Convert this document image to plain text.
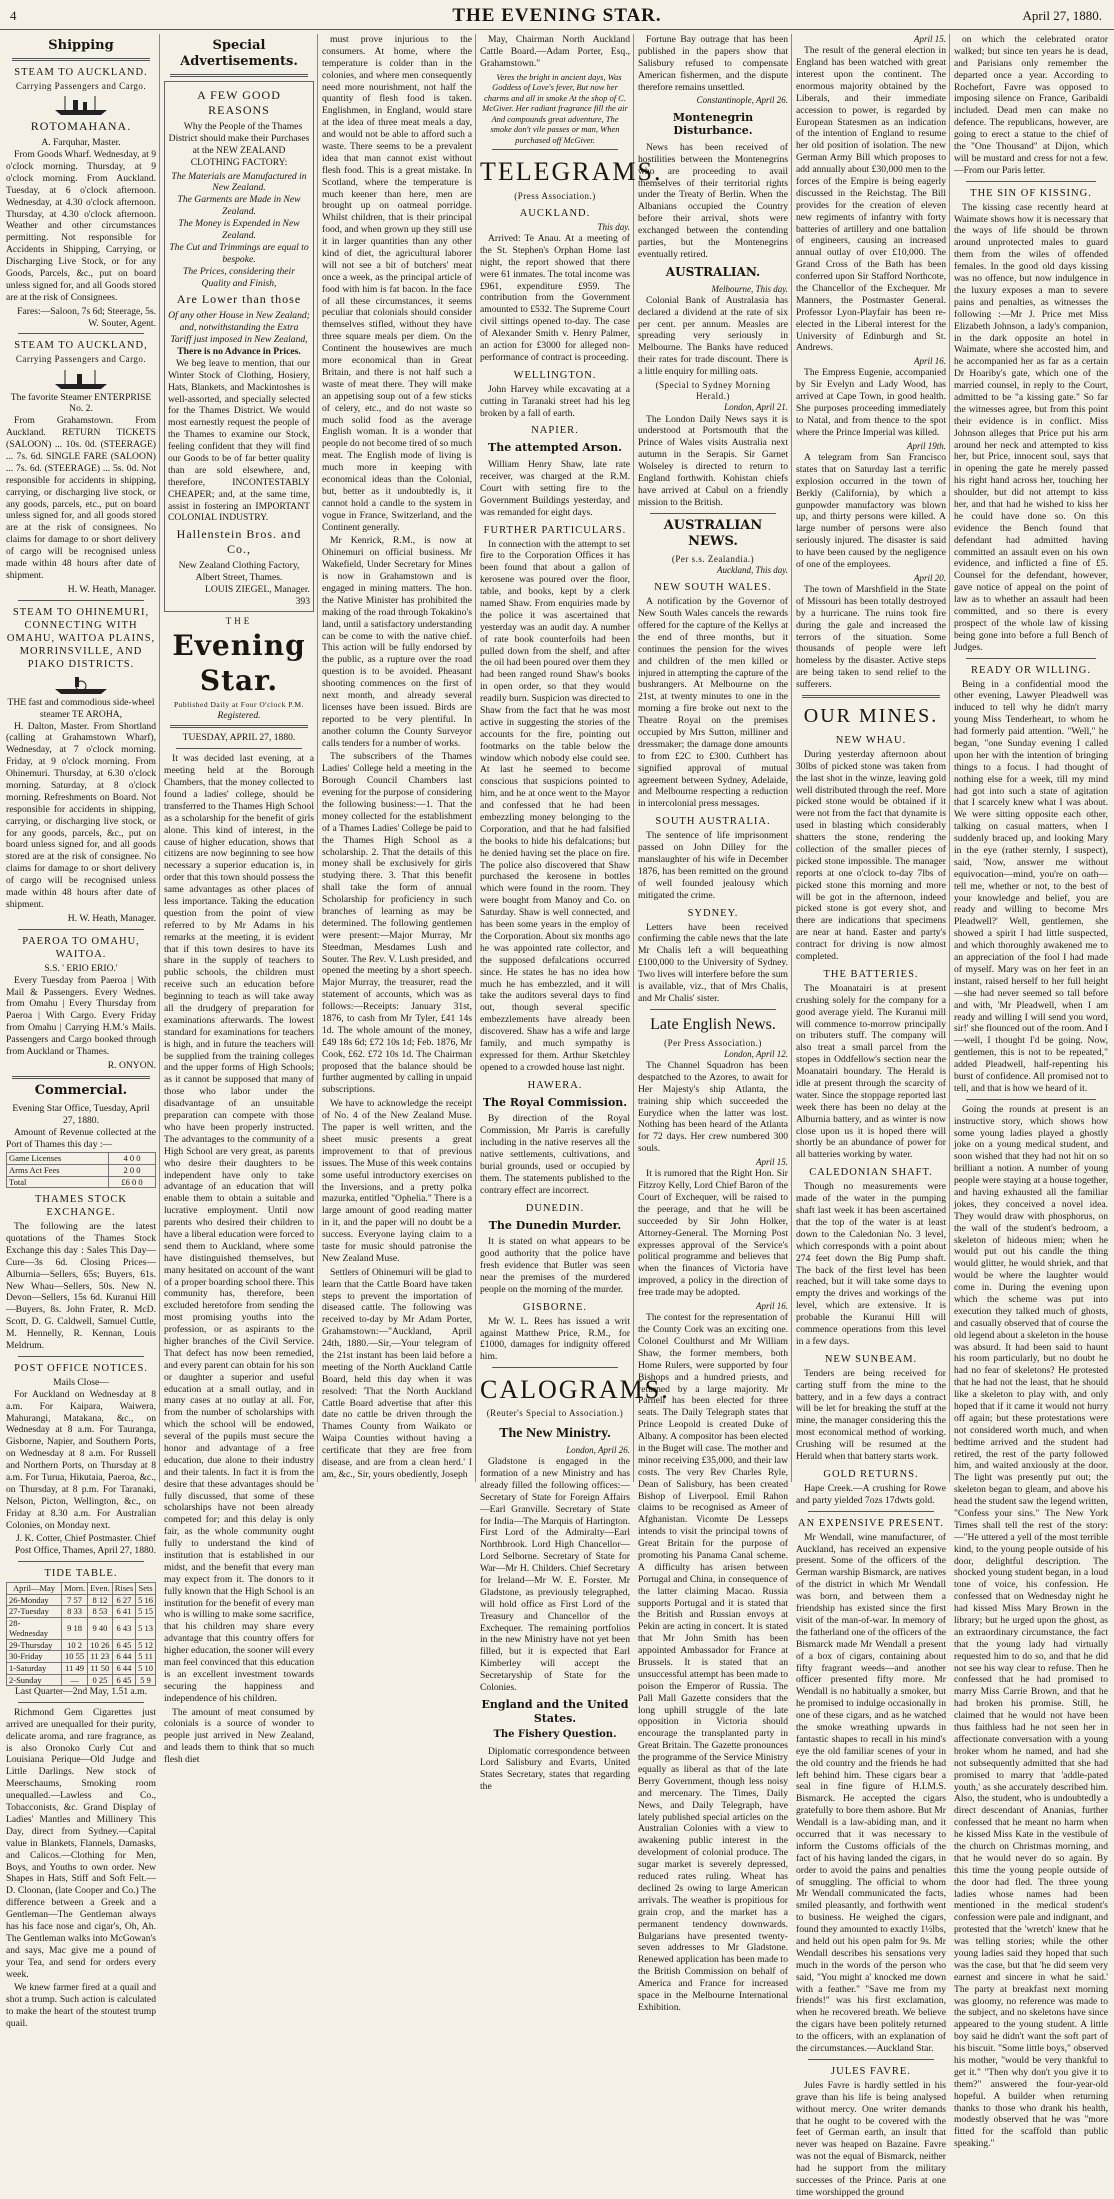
4	THE EVENING STAR.	April 27, 1880.
Shipping
STEAM TO AUCKLAND.
Carrying Passengers and Cargo.
ROTOMAHANA.
A. Farquhar, Master.

From Goods Wharf. Wednesday, at 9 o'clock morning. Thursday, at 9 o'clock morning. From Auckland. Tuesday, at 6 o'clock afternoon. Wednesday, at 4.30 o'clock afternoon. Thursday, at 4.30 o'clock afternoon. Weather and other circumstances permitting. Not responsible for Accidents in Shipping, Carrying, or Discharging Live Stock, or for any Goods, Parcels, &c., put on board unless signed for, and all Goods stored are at the risk of Consignees.

Fares:—Saloon, 7s 6d; Steerage, 5s. W. Souter, Agent.

STEAM TO AUCKLAND,
Carrying Passengers and Cargo.
The favorite Steamer ENTERPRISE No. 2.

From Grahamstown. From Auckland. RETURN TICKETS (SALOON) ... 10s. 0d. (STEERAGE) ... 7s. 6d. SINGLE FARE (SALOON) ... 7s. 6d. (STEERAGE) ... 5s. 0d. Not responsible for accidents in shipping, carrying, or discharging live stock, or any goods, parcels, etc., put on board unless signed for, and all goods stored are at the risk of consignees. No claims for damage to or short delivery of cargo will be recognised unless made within 48 hours after date of shipment.

H. W. Heath, Manager.

STEAM TO OHINEMURI, CONNECTING WITH OMAHU, WAITOA PLAINS, MORRINSVILLE, AND PIAKO DISTRICTS.
THE fast and commodious side-wheel steamer TE AROHA,

H. Dalton, Master. From Shortland (calling at Grahamstown Wharf), Wednesday, at 7 o'clock morning. Friday, at 9 o'clock morning. From Ohinemuri. Thursday, at 6.30 o'clock morning. Saturday, at 8 o'clock morning. Refreshments on Board. Not responsible for accidents in shipping, carrying, or discharging live stock, or for any goods, parcels, &c., put on board unless signed for, and all goods stored are at the risk of consignee. No claims for damage to or short delivery of cargo will be recognised unless made within 48 hours after date of shipment.

H. W. Heath, Manager.

PAEROA TO OMAHU, WAITOA.
S.S. ' ERIO ERIO.'

Every Tuesday from Paeroa | With Mail & Passengers. Every Wednes. from Omahu | Every Thursday from Paeroa | With Cargo. Every Friday from Omahu | Carrying H.M.'s Mails. Passengers and Cargo booked through from Auckland or Thames.

R. ONYON.

Commercial.
Evening Star Office, Tuesday, April 27, 1880.

Amount of Revenue collected at the Port of Thames this day :—

Game Licenses	4 0 0
Arms Act Fees	2 0 0
Total	£6 0 0
THAMES STOCK EXCHANGE.

The following are the latest quotations of the Thames Stock Exchange this day : Sales This Day— Cure—3s 6d. Closing Prices— Alburnia—Sellers, 65s; Buyers, 61s. New Whau—Sellers, 50s. New N. Devon—Sellers, 15s 6d. Kuranui Hill—Buyers, 8s. John Frater, R. McD. Scott, D. G. Caldwell, Samuel Cuttle, M. Hennelly, R. Kennan, Louis Meldrum.

POST OFFICE NOTICES.
Mails Close—

For Auckland on Wednesday at 8 a.m. For Kaipara, Waiwera, Mahurangi, Matakana, &c., on Wednesday at 8 a.m. For Tauranga, Gisborne, Napier, and Southern Ports, on Wednesday at 8 a.m. For Russell and Northern Ports, on Thursday at 8 a.m. For Turua, Hikutaia, Paeroa, &c., on Thursday, at 8 p.m. For Taranaki, Nelson, Picton, Wellington, &c., on Friday at 8.30 a.m. For Australian Colonies, on Monday next.

J. K. Cotter, Chief Postmaster. Chief Post Office, Thames, April 27, 1880.

TIDE TABLE.
April—May	Morn.	Even.	Rises	Sets
26-Monday	7 57	8 12	6 27	5 16
27-Tuesday	8 33	8 53	6 41	5 15
28-Wednesday	9 18	9 40	6 43	5 13
29-Thursday	10 2	10 26	6 45	5 12
30-Friday	10 55	11 23	6 44	5 11
1-Saturday	11 49	11 50	6 44	5 10
2-Sunday	—	0 25	6 45	5 9
Last Quarter—2nd May, 1.51 a.m.

Richmond Gem Cigarettes just arrived are unequalled for their purity, delicate aroma, and rare fragrance, as is also Oronoko Curly Cut and Louisiana Perique—Old Judge and Little Darlings. New stock of Meerschaums, Smoking room unequalled.—Lawless and Co., Tobacconists, &c. Grand Display of Ladies' Mantles and Millinery This Day, direct from Sydney.—Capital value in Blankets, Flannels, Damasks, and Calicos.—Clothing for Men, Boys, and Youths to own order. New Shapes in Hats, Stiff and Soft Felt.—D. Cloonan, (late Cooper and Co.) The difference between a Greek and a Gentleman—The Gentleman always has his face nose and cigar's, Oh, Ah. The Gentleman walks into McGowan's and says, Mac give me a pound of your Tea, and send for orders every week.

We knew farmer fired at a quail and shot a trump. Such action is calculated to make the heart of the stoutest trump quail.

Special Advertisements.
A FEW GOOD REASONS

Why the People of the Thames District should make their Purchases at the NEW ZEALAND CLOTHING FACTORY:

The Materials are Manufactured in New Zealand.
The Garments are Made in New Zealand.
The Money is Expended in New Zealand.
The Cut and Trimmings are equal to bespoke.
The Prices, considering their Quality and Finish,
Are Lower than those
Of any other House in New Zealand; and, notwithstanding the Extra Tariff just imposed in New Zealand,
There is no Advance in Prices.

We beg leave to mention, that our Winter Stock of Clothing, Hosiery, Hats, Blankets, and Mackintoshes is well-assorted, and specially selected for the Thames District. We would most earnestly request the people of the Thames to examine our Stock, feeling confident that they will find our Goods to be of far better quality than are sold elsewhere, and, therefore, INCONTESTABLY CHEAPER; and, at the same time, assist in fostering an IMPORTANT COLONIAL INDUSTRY.

Hallenstein Bros. and Co.,
New Zealand Clothing Factory, Albert Street, Thames.
LOUIS ZIEGEL, Manager.
393
THE
Evening Star.
Published Daily at Four O'clock P.M.
Registered.
TUESDAY, APRIL 27, 1880.

It was decided last evening, at a meeting held at the Borough Chambers, that the money collected to found a ladies' college, should be transferred to the Thames High School as a scholarship for the benefit of girls alone. This kind of interest, in the cause of higher education, shows that citizens are now beginning to see how necessary a superior education is, in order that this town should possess the same advantages as other places of less importance. Taking the education question from the point of view referred to by Mr Adams in his remarks at the meeting, it is evident that if this town desires to have its share in the supply of teachers to public schools, the children must receive such an education before beginning to teach as will take away all the drudgery of preparation for examinations afterwards. The lowest standard for examinations for teachers is high, and in future the teachers will be supplied from the training colleges and the upper forms of High Schools; as it cannot be supposed that many of those who labor under the disadvantage of an unsuitable preparation can compete with those who have been properly instructed. The advantages to the community of a High School are very great, as parents who desire their daughters to be independent have only to take advantage of an education that will enable them to obtain a suitable and lucrative employment. Until now parents who desired their children to have a liberal education were forced to send them to Auckland, where some have distinguished themselves, but many hesitated on account of the want of a proper boarding school there. This community has, therefore, been excluded heretofore from sending the most promising youths into the profession, or as aspirants to the higher branches of the Civil Service. That defect has now been remedied, and every parent can obtain for his son or daughter a superior and useful education at a small outlay, and in many cases at no outlay at all. For, from the number of scholarships with which the school will be endowed, several of the pupils must secure the honor and advantage of a free education, due alone to their industry and their talents. In fact it is from the desire that these advantages should be fully discussed, that some of these scholarships have not been already competed for; and this delay is only fair, as the whole community ought fully to understand the kind of institution that is established in our midst, and the benefit that every man may expect from it. The donors to it fully known that the High School is an institution for the benefit of every man who is willing to make some sacrifice, that his children may share every advantage that this country offers for higher education, the sooner will every man feel convinced that this education is an excellent investment towards securing the happiness and independence of his children.

The amount of meat consumed by colonials is a source of wonder to people just arrived in New Zealand, and leads them to think that so much flesh diet

must prove injurious to the consumers. At home, where the temperature is colder than in the colonies, and where men consequently need more nourishment, not half the quantity of flesh food is taken. Englishmen, in England, would stare at the idea of three meat meals a day, and would not be able to afford such a waste. There seems to be a prevalent idea that man cannot exist without flesh food. This is a great mistake. In Scotland, where the temperature is much keener than here, men are brought up on oatmeal porridge. Whilst children, that is their principal food, and when grown up they still use it in larger quantities than any other kind of diet, the agricultural laborer will not see a bit of butchers' meat once a week, as the principal article of food with him is fat bacon. In the face of all these circumstances, it seems peculiar that colonials should consider themselves stifled, without they have three square meals per diem. On the Continent the housewives are much more economical than in Great Britain, and there is not half such a waste of meat there. They will make an appetising soup out of a few sticks of celery, etc., and do not waste so much solid food as the average English woman. It is a wonder that people do not become tired of so much meat. The English mode of living is much more in keeping with economical ideas than the Colonial, but, better as it undoubtedly is, it cannot hold a candle to the system in vogue in France, Switzerland, and the Continent generally.

Mr Kenrick, R.M., is now at Ohinemuri on official business. Mr Wakefield, Under Secretary for Mines is now in Grahamstown and is engaged in mining matters. The hon. the Native Minister has prohibited the making of the road through Tokakino's land, until a satisfactory understanding can be come to with the native chief. This action will be fully endorsed by the public, as a rupture over the road question is to be avoided. Pheasant shooting commences on the first of next month, and already several licenses have been issued. Birds are reported to be very plentiful. In another column the County Surveyor calls tenders for a number of works.

The subscribers of the Thames Ladies' College held a meeting in the Borough Council Chambers last evening for the purpose of considering the following business:—1. That the money collected for the establishment of a Thames Ladies' College be paid to the Thames High School as a scholarship. 2. That the details of this money shall be exclusively for girls studying there. 3. That this benefit shall take the form of annual Scholarship for proficiency in such branches of learning as may be determined. The following gentlemen were present:—Major Murray, Mr Steedman, Mesdames Lush and Souter. The Rev. V. Lush presided, and opened the meeting by a short speech. Major Murray, the treasurer, read the statement of accounts, which was as follows:—Receipts: January 31st, 1876, to cash from Mr Tyler, £41 14s 1d. The whole amount of the money, £49 18s 6d; £72 10s 1d; Feb. 1876, Mr Cook, £62. £72 10s 1d. The Chairman proposed that the balance should be further augmented by calling in unpaid subscriptions.

We have to acknowledge the receipt of No. 4 of the New Zealand Muse. The paper is well written, and the sheet music presents a great improvement to that of previous issues. The Muse of this week contains some useful introductory exercises on the Inversions, and a pretty polka mazurka, entitled "Ophelia." There is a large amount of good reading matter in it, and the paper will no doubt be a success. Everyone laying claim to a taste for music should patronise the New Zealand Muse.

Settlers of Ohinemuri will be glad to learn that the Cattle Board have taken steps to prevent the importation of diseased cattle. The following was received to-day by Mr Adam Porter, Grahamstown:—"Auckland, April 24th, 1880.—Sir,—Your telegram of the 21st instant has been laid before a meeting of the North Auckland Cattle Board, held this day when it was resolved: 'That the North Auckland Cattle Board advertise that after this date no cattle be driven through the Thames County from Waikato or Waipa Counties without having a certificate that they are free from disease, and are from a clean herd.' I am, &c., Sir, yours obediently, Joseph

May, Chairman North Auckland Cattle Board.—Adam Porter, Esq., Grahamstown."

Veres the bright in ancient days, Was Goddess of Love's fever, But now her charms and all in smoke At the shop of C. McGiver. Her radiant fragrance fill the air And compounds great adventure, The smoke don't vile passes or man, When purchased off McGiver.

TELEGRAMS.
(Press Association.)
AUCKLAND.
This day.

Arrived: Te Anau. At a meeting of the St. Stephen's Orphan Home last night, the report showed that there were 61 inmates. The total income was £961, expenditure £959. The contribution from the Government amounted to £532. The Supreme Court civil sittings opened to-day. The case of Alexander Smith v. Henry Palmer, an action for £3000 for alleged non-performance of contract is proceeding.

WELLINGTON.

John Harvey while excavating at a cutting in Taranaki street had his leg broken by a fall of earth.

NAPIER.
The attempted Arson.

William Henry Shaw, late rate receiver, was charged at the R.M. Court with setting fire to the Government Buildings yesterday, and was remanded for eight days.

FURTHER PARTICULARS.

In connection with the attempt to set fire to the Corporation Offices it has been found that about a gallon of kerosene was poured over the floor, table, and books, kept by a clerk named Shaw. From enquiries made by the police it was ascertained that yesterday was an audit day. A number of rate book counterfoils had been pulled down from the shelf, and after the oil had been poured over them they had been ranged round Shaw's books in open order, so that they would readily burn. Suspicion was directed to Shaw from the fact that he was most active in suggesting the stories of the accounts for the fire, pointing out footmarks on the table below the window which nobody else could see. At last he seemed to become conscious that suspicions pointed to him, and he at once went to the Mayor and confessed that he had been embezzling money belonging to the Corporation, and that he had falsified the books to hide his defalcations; but he denied having set the place on fire. The police also discovered that Shaw purchased the kerosene in bottles which were found in the room. They were bought from Manoy and Co. on Saturday. Shaw is well connected, and has been some years in the employ of the Corporation. About six months ago he was appointed rate collector, and the supposed defalcations occurred since. He states he has no idea how much he has embezzled, and it will take the auditors several days to find out, though several specific embezzlements have already been discovered. Shaw has a wife and large family, and much sympathy is expressed for them. Arthur Sketchley opened to a crowded house last night.

HAWERA.
The Royal Commission.

By direction of the Royal Commission, Mr Parris is carefully including in the native reserves all the native settlements, cultivations, and burial grounds, used or occupied by them. The statements published to the contrary effect are incorrect.

DUNEDIN.
The Dunedin Murder.

It is stated on what appears to be good authority that the police have fresh evidence that Butler was seen near the premises of the murdered people on the morning of the murder.

GISBORNE.

Mr W. L. Rees has issued a writ against Matthew Price, R.M., for £1000, damages for indignity offered him.

CALOGRAMS.
(Reuter's Special to Association.)
The New Ministry.
London, April 26.

Gladstone is engaged in the formation of a new Ministry and has already filled the following offices:— Secretary of State for Foreign Affairs—Earl Granville. Secretary of State for India—The Marquis of Hartington. First Lord of the Admiralty—Earl Northbrook. Lord High Chancellor—Lord Selborne. Secretary of State for War—Mr H. Childers. Chief Secretary for Ireland—Mr W. E. Forster. Mr Gladstone, as previously telegraphed, will hold office as First Lord of the Treasury and Chancellor of the Exchequer. The remaining portfolios in the new Ministry have not yet been filled, but it is expected that Earl Kimberley will accept the Secretaryship of State for the Colonies.

England and the United States.
The Fishery Question.

Diplomatic correspondence between Lord Salisbury and Evarts, United States Secretary, states that regarding the

Fortune Bay outrage that has been published in the papers show that Salisbury refused to compensate American fishermen, and the dispute therefore remains unsettled.

Constantinople, April 26.
Montenegrin Disturbance.

News has been received of hostilities between the Montenegrins who are proceeding to avail themselves of their territorial rights under the Treaty of Berlin. When the Albanians occupied the Country before their arrival, shots were exchanged between the contending parties, but the Montenegrins eventually retired.

AUSTRALIAN.
Melbourne, This day.

Colonial Bank of Australasia has declared a dividend at the rate of six per cent. per annum. Measles are spreading very seriously in Melbourne. The Banks have reduced their rates for trade discount. There is a little enquiry for milling oats.

(Special to Sydney Morning Herald.)
London, April 21.

The London Daily News says it is understood at Portsmouth that the Prince of Wales visits Australia next autumn in the Serapis. Sir Garnet Wolseley is directed to return to England forthwith. Kohistan chiefs have arrived at Cabul on a friendly mission to the British.

AUSTRALIAN NEWS.
(Per s.s. Zealandia.)
Auckland, This day.
NEW SOUTH WALES.

A notification by the Governor of New South Wales cancels the rewards offered for the capture of the Kellys at the end of three months, but it continues the pension for the wives and children of the men killed or injured in attempting the capture of the bushrangers. At Melbourne on the 21st, at twenty minutes to one in the morning a fire broke out next to the Theatre Royal on the premises occupied by Mrs Sutton, milliner and dressmaker; the damage done amounts to from £2C to £300. Cuthbert has signified approval of mutual agreement between Sydney, Adelaide, and Melbourne respecting a reduction in intercolonial press messages.

SOUTH AUSTRALIA.

The sentence of life imprisonment passed on John Dilley for the manslaughter of his wife in December 1876, has been remitted on the ground of well founded jealousy which mitigated the crime.

SYDNEY.

Letters have been received confirming the cable news that the late Mr Chalis left a will bequeathing £100,000 to the University of Sydney. Two lives will interfere before the sum is available, viz., that of Mrs Chalis, and Mr Chalis' sister.

Late English News.
(Per Press Association.)
London, April 12.

The Channel Squadron has been despatched to the Azores, to await for Her Majesty's ship Atlanta, the training ship which succeeded the Eurydice when the latter was lost. Nothing has been heard of the Atlanta for 72 days. Her crew numbered 300 souls.

April 15.

It is rumored that the Right Hon. Sir Fitzroy Kelly, Lord Chief Baron of the Court of Exchequer, will be raised to the peerage, and that he will be succeeded by Sir John Holker, Attorney-General. The Morning Post expresses approval of the Service's political programme and believes that when the finances of Victoria have improved, a policy in the direction of free trade may be adopted.

April 16.

The contest for the representation of the County Cork was an exciting one. Colonel Coulthurst and Mr William Shaw, the former members, both Home Rulers, were supported by four Bishops and a hundred priests, and returned by a large majority. Mr Parnell has been elected for three seats. The Daily Telegraph states that Prince Leopold is created Duke of Albany. A compositor has been elected in the Buget will case. The mother and minor receiving £35,000, and their law costs. The very Rev Charles Ryle, Dean of Salisbury, has been created Bishop of Liverpool. Emil Rahon claims to be recognised as Ameer of Afghanistan. Vicomte De Lesseps intends to visit the principal towns of Great Britain for the purpose of promoting his Panama Canal scheme. A difficulty has arisen between Portugal and China, in consequence of the latter claiming Macao. Russia supports Portugal and it is stated that the British and Russian envoys at Pekin are acting in concert. It is stated that Mr John Smith has been appointed Ambassador for France at Brussels. It is stated that an unsuccessful attempt has been made to poison the Emperor of Russia. The Pall Mall Gazette considers that the long uphill struggle of the late opposition in Victoria should encourage the transplanted party in Great Britain. The Gazette pronounces the programme of the Service Ministry equally as liberal as that of the late Berry Government, though less noisy and mercenary. The Times, Daily News, and Daily Telegraph, have lately published special articles on the Australian Colonies with a view to awakening public interest in the development of colonial produce. The sugar market is severely depressed, reduced rates ruling. Wheat has declined 2s owing to large American arrivals. The weather is propitious for grain crop, and the market has a permanent tendency downwards. Bulgarians have presented twenty-seven addresses to Mr Gladstone. Renewed application has been made to the British Commission on behalf of America and France for increased space in the Melbourne International Exhibition.

April 15.

The result of the general election in England has been watched with great interest upon the continent. The enormous majority obtained by the Liberals, and their immediate accession to power, is regarded by European Statesmen as an indication of the intention of England to resume her old position of isolation. The new German Army Bill which proposes to add annually about £30,000 men to the forces of the Empire is being eagerly discussed in the Reichstag. The Bill provides for the creation of eleven new regiments of infantry with forty batteries of artillery and one battalion of engineers, causing an increased annual outlay of over £10,000. The Grand Cross of the Bath has been conferred upon Sir Stafford Northcote, the Chancellor of the Exchequer. Mr Manners, the Postmaster General. Professor Lyon-Playfair has been re-elected in the Liberal interest for the University of Edinburgh and St. Andrews.

April 16.

The Empress Eugenie, accompanied by Sir Evelyn and Lady Wood, has arrived at Cape Town, in good health. She purposes proceeding immediately to Natal, and from thence to the spot where the Prince Imperial was killed.

April 19th.

A telegram from San Francisco states that on Saturday last a terrific explosion occurred in the town of Berkly (California), by which a gunpowder manufactory was blown up, and thirty persons were killed. A large number of persons were also seriously injured. The disaster is said to have been caused by the negligence of one of the employees.

April 20.

The town of Marshfield in the State of Missouri has been totally destroyed by a hurricane. The ruins took fire during the gale and increased the terrors of the situation. Some thousands of people were left homeless by the disaster. Active steps are being taken to send relief to the sufferers.

OUR MINES.
NEW WHAU.

During yesterday afternoon about 30lbs of picked stone was taken from the last shot in the winze, leaving gold well distributed through the reef. More picked stone would be obtained if it were not from the fact that dynamite is used in blasting which considerably shatters the stone, rendering the collection of the smaller pieces of picked stone impossible. The manager reports at one o'clock to-day 7lbs of picked stone this morning and more will be got in the afternoon, indeed picked stone is got every shot, and there are indications that specimens are near at hand. Easter and party's contract for driving is now almost completed.

THE BATTERIES.

The Moanatairi is at present crushing solely for the company for a good average yield. The Kuranui mill will commence to-morrow principally on tributers stuff. The company will also treat a small parcel from the stopes in Oddfellow's section near the Moanatairi boundary. The Herald is idle at present through the scarcity of water. Since the stoppage reported last week there has been no delay at the Alburnia battery, and as winter is now close upon us it is hoped there will shortly be an abundance of power for all batteries working by water.

CALEDONIAN SHAFT.

Though no measurements were made of the water in the pumping shaft last week it has been ascertained that the top of the water is at least down to the Caledonian No. 3 level, which corresponds with a point about 274 feet down the Big Pump shaft. The back of the first level has been reached, but it will take some days to empty the drives and workings of the level, which are extensive. It is probable the Kuranui Hill will commence operations from this level in a few days.

NEW SUNBEAM.

Tenders are being received for carting stuff from the mine to the battery, and in a few days a contract will be let for breaking the stuff at the mine, the manager considering this the most economical method of working. Crushing will be resumed at the Herald when that battery starts work.

GOLD RETURNS.

Hape Creek.—A crushing for Rowe and party yielded 7ozs 17dwts gold.

AN EXPENSIVE PRESENT.

Mr Wendall, wine manufacturer, of Auckland, has received an expensive present. Some of the officers of the German warship Bismarck, are natives of the district in which Mr Wendall was born, and between them a friendship has existed since the first visit of the man-of-war. In memory of the fatherland one of the officers of the Bismarck made Mr Wendall a present of a box of cigars, containing about fifty fragrant weeds—and another officer presented fifty more. Mr Wendall is no habitually a smoker, but he promised to indulge occasionally in one of these cigars, and as he watched the smoke wreathing upwards in fantastic shapes to recall in his mind's eye the old familiar scenes of your in the old country and the friends he had left behind him. These cigars bear a seal in fine figure of H.I.M.S. Bismarck. He accepted the cigars gratefully to bore them ashore. But Mr Wendall is a law-abiding man, and it occurred that it was necessary to inform the Customs officials of the fact of his having landed the cigars, in order to avoid the pains and penalties of smuggling. The official to whom Mr Wendall communicated the facts, smiled pleasantly, and forthwith went to business. He weighed the cigars, found they amounted to exactly 1½lbs, and held out his open palm for 9s. Mr Wendall describes his sensations very much in the words of the person who said, "You might a' knocked me down with a feather." "Save me from my friends!" was his first exclamation, when he recovered breath. We believe the cigars have been politely returned to the officers, with an explanation of the circumstances.—Auckland Star.

JULES FAVRE.

Jules Favre is hardly settled in his grave than his life is being analysed without mercy. One writer demands that he ought to be covered with the feet of German earth, an insult that never was heaped on Bazaine. Favre was not the equal of Bismarck, neither had he support from the military successes of the Prince. Paris at one time worshipped the ground

on which the celebrated orator walked; but since ten years he is dead, and Parisians only remember the departed once a year. According to Rochefort, Favre was opposed to imposing silence on France, Garibaldi included. Dead men can make no defence. The republicans, however, are going to erect a statue to the chief of the "One Thousand" at Dijon, which will be mustard and cress for not a few.—From our Paris letter.

THE SIN OF KISSING.

The kissing case recently heard at Waimate shows how it is necessary that the ways of life should be thrown around unprotected males to guard them from the wiles of offended females. In the good old days kissing was no offence, but now indulgence in the luxury exposes a man to severe pains and penalties, as witnesses the following :—Mr J. Price met Miss Elizabeth Johnson, a lady's companion, in the dark opposite an hotel in Waimate, where she accosted him, and he accompanied her as far as a certain Dr Hoariby's gate, which one of the married counsel, in reply to the Court, admitted to be "a kissing gate." So far the witnesses agree, but from this point their evidence is in conflict. Miss Johnson alleges that Price put his arm around her neck and attempted to kiss her, but Price, innocent soul, says that in opening the gate he merely passed his right hand across her, touching her shoulder, but did not attempt to kiss her, and that had he wished to kiss her he could have done so. On this evidence the Bench found that defendant had admitted having committed an assault even on his own evidence, and inflicted a fine of £5. Counsel for the defendant, however, gave notice of appeal on the point of law as to whether an assault had been committed, and so there is every prospect of the whole law of kissing being gone into before a full Bench of Judges.

READY OR WILLING.

Being in a confidential mood the other evening, Lawyer Pleadwell was induced to tell why he didn't marry young Miss Tenderheart, to whom he had formerly paid attention. "Well," he began, "one Sunday evening I called upon her with the intention of bringing things to a focus. I had thought of nothing else for a week, till my mind had got into such a state of agitation that I scarcely knew what I was about. We were sitting opposite each other, talking on casual matters, when I suddenly braced up, and looking Mary in the eye (rather sternly, I suspect), said, 'Now, answer me without equivocation—mind, you're on oath—tell me, whether or not, to the best of your knowledge and belief, you are ready and willing to become Mrs Pleadwell?' Well, gentlemen, she showed a spirit I had little suspected, and which thoroughly awakened me to an appreciation of the fool I had made of myself. Mary was on her feet in an instant, raised herself to her full height—she had never seemed so tall before and with, 'Mr Pleadwell, when I am ready and willing I will send you word, sir!' she flounced out of the room. And I—well, I thought I'd be going. Now, gentlemen, this is not to be repeated," added Pleadwell, half-repenting his burst of confidence. All promised not to tell, and that is how we heard of it.

Going the rounds at present is an instructive story, which shows how some young ladies played a ghostly joke on a young medical student, and soon wished that they had not hit on so brilliant a notion. A number of young people were staying at a house together, and having exhausted all the familiar jokes, they conceived a novel idea. They would draw with phosphorus, on the wall of the student's bedroom, a skeleton of hideous mien; when he would put out his candle the thing would glitter, he would shriek, and that would be where the laughter would come in. During the evening upon which the scheme was put into execution they talked much of ghosts, and casually observed that of course the old legend about a skeleton in the house was absurd. It had been said to haunt his room particularly, but no doubt he had no fear of skeletons? He protested that he had not the least, that he should like a skeleton to play with, and only hoped that if it came it would not hurry off again; but these protestations were not considered worth much, and when bedtime arrived and the student had retired, the rest of the party followed him, and waited anxiously at the door. The light was presently put out; the skeleton began to gleam, and above his head the student saw the legend written, "Confess your sins." The New York Times shall tell the rest of the story:—"He uttered a yell of the most terrible kind, to the young people outside of his door, delightful description. The shocked young student began, in a loud tone of voice, his confession. He confessed that on Wednesday night he had kissed Miss Mary Brown in the library; but he urged upon the ghost, as an extraordinary circumstance, the fact that the young lady had virtually requested him to do so, and that he did not see his way clear to refuse. Then he confessed that he had promised to marry Miss Carrie Brown, and that he had broken his promise. Still, he claimed that he would not have been thus faithless had he not seen her in affectionate conversation with a young broker whom he named, and had she not subsequently admitted that she had promised to marry that 'addle-pated youth,' as she accurately described him. Also, the student, who is undoubtedly a direct descendant of Ananias, further confessed that he meant no harm when he kissed Miss Kate in the vestibule of the church on Christmas morning, and that he would never do so again. By this time the young people outside of the door had fled. The three young ladies whose names had been mentioned in the medical student's confession were pale and indignant, and protested that the 'wretch' knew that he was telling stories; while the other young ladies said they hoped that such was the case, but that 'he did seem very earnest and sincere in what he said.' The party at breakfast next morning was gloomy, no reference was made to the subject, and no skeletons have since appeared to the young student. A little boy said he didn't want the soft part of his biscuit. "Some little boys," observed his mother, "would be very thankful to get it." "Then why don't you give it to them?" answered the four-year-old hopeful. A builder when returning thanks to those who drank his health, modestly observed that he was "more fitted for the scaffold than public speaking."
